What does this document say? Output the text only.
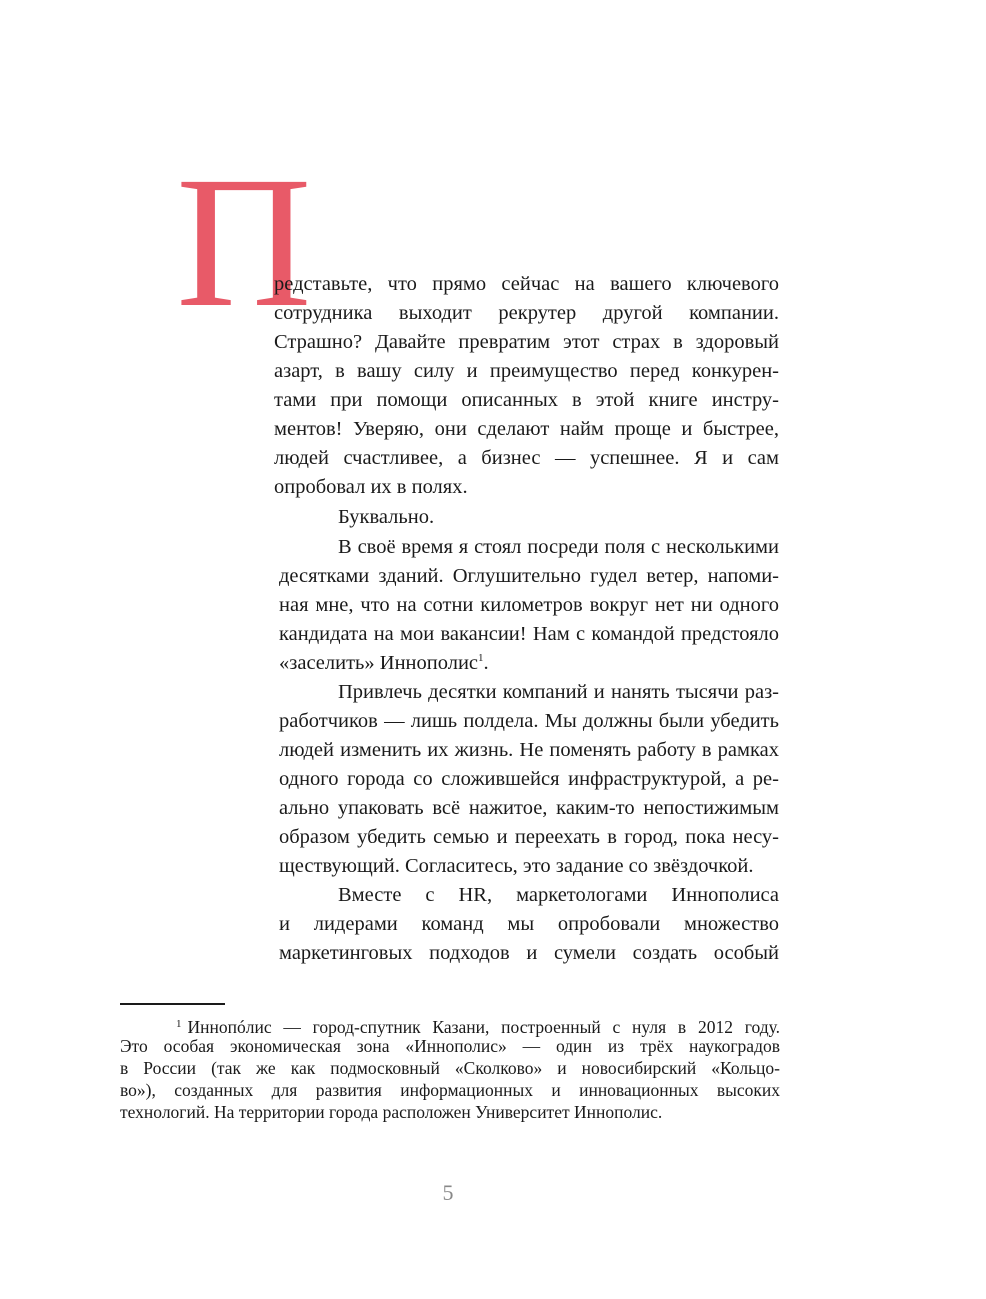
П
редставьте, что прямо сейчас на вашего ключевого
сотрудника выходит рекрутер другой компании.
Страшно? Давайте превратим этот страх в здоровый
азарт, в вашу силу и преимущество перед конкурен-
тами при помощи описанных в этой книге инстру-
ментов! Уверяю, они сделают найм проще и быстрее,
людей счастливее, а бизнес — успешнее. Я и сам
опробовал их в полях.
Буквально.
В своё время я стоял посреди поля с несколькими
десятками зданий. Оглушительно гудел ветер, напоми-
ная мне, что на сотни километров вокруг нет ни одного
кандидата на мои вакансии! Нам с командой предстояло
«заселить» Иннополис$^1$.
Привлечь десятки компаний и нанять тысячи раз-
работчиков — лишь полдела. Мы должны были убедить
людей изменить их жизнь. Не поменять работу в рамках
одного города со сложившейся инфраструктурой, а ре-
ально упаковать всё нажитое, каким-то непостижимым
образом убедить семью и переехать в город, пока несу-
ществующий. Согласитесь, это задание со звёздочкой.
Вместе с HR, маркетологами Иннополиса
и лидерами команд мы опробовали множество
маркетинговых подходов и сумели создать особый
$^1$ Иннопóлис — город-спутник Казани, построенный с нуля в 2012 году.
Это особая экономическая зона «Иннополис» — один из трёх наукоградов
в России (так же как подмосковный «Сколково» и новосибирский «Кольцо-
во»), созданных для развития информационных и инновационных высоких
технологий. На территории города расположен Университет Иннополис.
5
